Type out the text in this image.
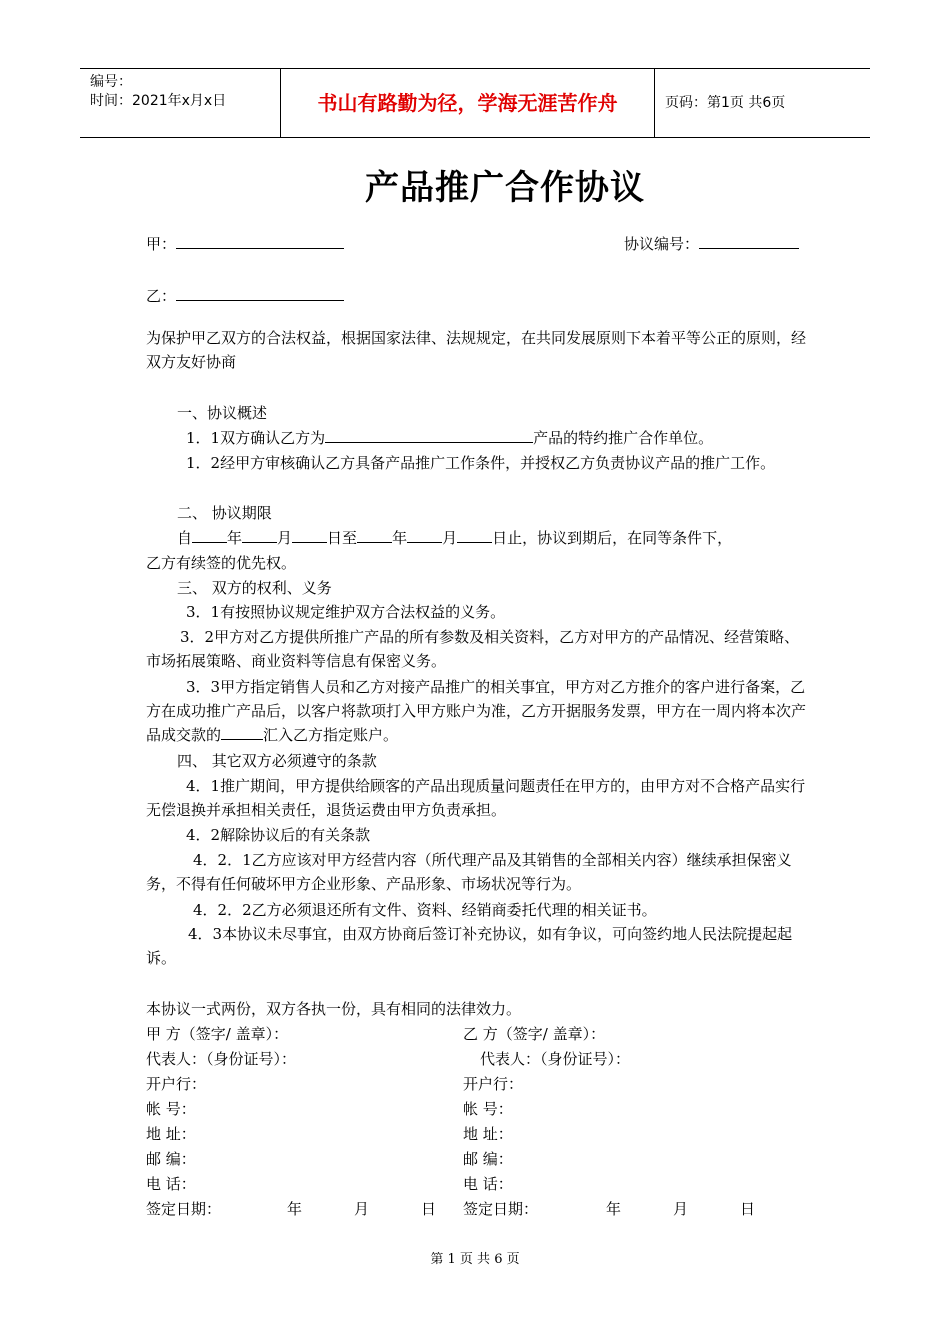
编号：
时间：2021年x月x日	书山有路勤为径，学海无涯苦作舟	页码：第1页 共6页
产品推广合作协议
甲：	协议编号：
乙：
为保护甲乙双方的合法权益，根据国家法律、法规规定，在共同发展原则下本着平等公正的原则，经双方友好协商
一、协议概述
1．1双方确认乙方为	产品的特约推广合作单位。
1．2经甲方审核确认乙方具备产品推广工作条件，并授权乙方负责协议产品的推广工作。
二、 协议期限
自 年 月 日至 年 月 日止，协议到期后，在同等条件下，
乙方有续签的优先权。
三、 双方的权利、义务
3．1有按照协议规定维护双方合法权益的义务。
3．2甲方对乙方提供所推广产品的所有参数及相关资料，乙方对甲方的产品情况、经营策略、市场拓展策略、商业资料等信息有保密义务。
3．3甲方指定销售人员和乙方对接产品推广的相关事宜，甲方对乙方推介的客户进行备案，乙方在成功推广产品后，以客户将款项打入甲方账户为准，乙方开据服务发票，甲方在一周内将本次产品成交款的	汇入乙方指定账户。
四、 其它双方必须遵守的条款
4．1推广期间，甲方提供给顾客的产品出现质量问题责任在甲方的，由甲方对不合格产品实行无偿退换并承担相关责任，退货运费由甲方负责承担。
4．2解除协议后的有关条款
4．2．1乙方应该对甲方经营内容（所代理产品及其销售的全部相关内容）继续承担保密义务，不得有任何破坏甲方企业形象、产品形象、市场状况等行为。
4．2．2乙方必须退还所有文件、资料、经销商委托代理的相关证书。
4．3本协议未尽事宜，由双方协商后签订补充协议，如有争议，可向签约地人民法院提起起诉。
本协议一式两份，双方各执一份，具有相同的法律效力。
甲 方（签字/ 盖章）：	乙 方（签字/ 盖章）：
代表人：（身份证号）：	代表人：（身份证号）：
开户行：	开户行：
帐 号：	帐 号：
地 址：	地 址：
邮 编：	邮 编：
电 话：	电 话：
签定日期：	年	月	日 签定日期：	年	月	日
第 1 页 共 6 页
